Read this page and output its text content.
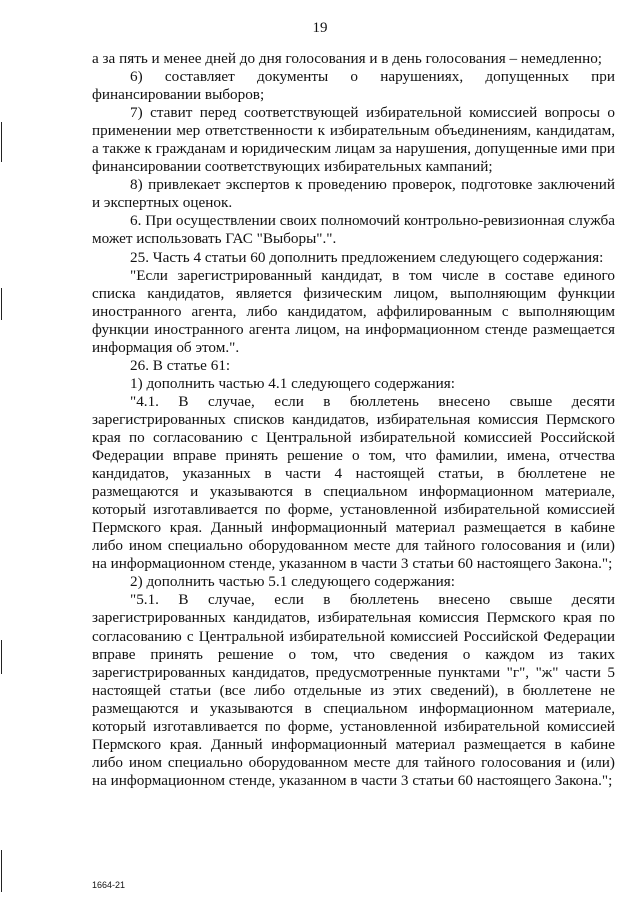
19

а за пять и менее дней до дня голосования и в день голосования – немедленно;

6) составляет документы о нарушениях, допущенных при финансировании выборов;

7) ставит перед соответствующей избирательной комиссией вопросы о применении мер ответственности к избирательным объединениям, кандидатам, а также к гражданам и юридическим лицам за нарушения, допущенные ими при финансировании соответствующих избирательных кампаний;

8) привлекает экспертов к проведению проверок, подготовке заключений и экспертных оценок.

6. При осуществлении своих полномочий контрольно-ревизионная служба может использовать ГАС "Выборы".".

25. Часть 4 статьи 60 дополнить предложением следующего содержания:

"Если зарегистрированный кандидат, в том числе в составе единого списка кандидатов, является физическим лицом, выполняющим функции иностранного агента, либо кандидатом, аффилированным с выполняющим функции иностранного агента лицом, на информационном стенде размещается информация об этом.".

26. В статье 61:

1) дополнить частью 4.1 следующего содержания:

"4.1. В случае, если в бюллетень внесено свыше десяти зарегистрированных списков кандидатов, избирательная комиссия Пермского края по согласованию с Центральной избирательной комиссией Российской Федерации вправе принять решение о том, что фамилии, имена, отчества кандидатов, указанных в части 4 настоящей статьи, в бюллетене не размещаются и указываются в специальном информационном материале, который изготавливается по форме, установленной избирательной комиссией Пермского края. Данный информационный материал размещается в кабине либо ином специально оборудованном месте для тайного голосования и (или) на информационном стенде, указанном в части 3 статьи 60 настоящего Закона.";

2) дополнить частью 5.1 следующего содержания:

"5.1. В случае, если в бюллетень внесено свыше десяти зарегистрированных кандидатов, избирательная комиссия Пермского края по согласованию с Центральной избирательной комиссией Российской Федерации вправе принять решение о том, что сведения о каждом из таких зарегистрированных кандидатов, предусмотренные пунктами "г", "ж" части 5 настоящей статьи (все либо отдельные из этих сведений), в бюллетене не размещаются и указываются в специальном информационном материале, который изготавливается по форме, установленной избирательной комиссией Пермского края. Данный информационный материал размещается в кабине либо ином специально оборудованном месте для тайного голосования и (или) на информационном стенде, указанном в части 3 статьи 60 настоящего Закона.";

1664-21
